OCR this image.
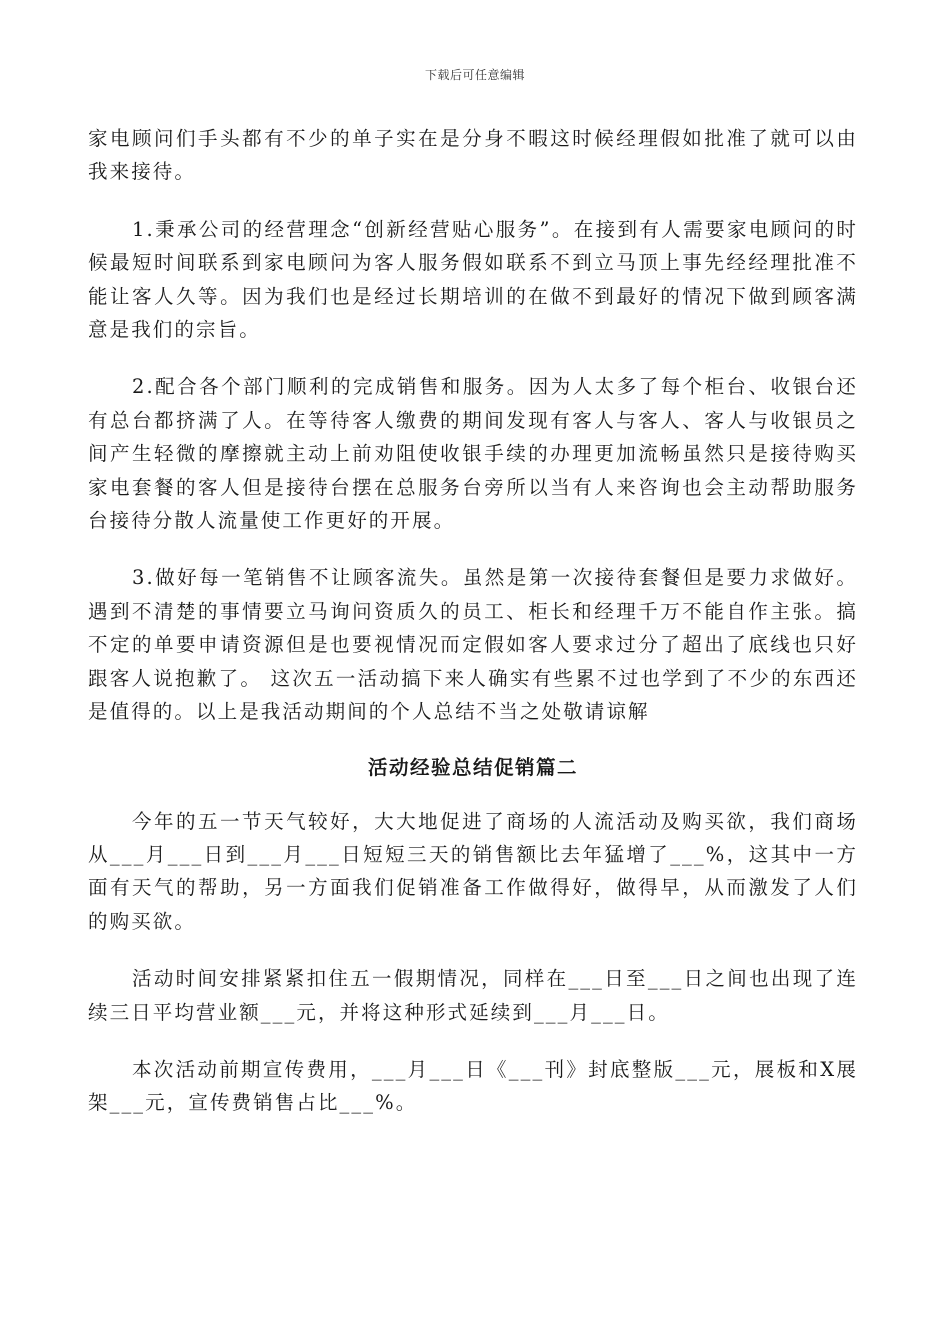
下载后可任意编辑

家电顾问们手头都有不少的单子实在是分身不暇这时候经理假如批准了就可以由我来接待。

1.秉承公司的经营理念“创新经营贴心服务”。在接到有人需要家电顾问的时候最短时间联系到家电顾问为客人服务假如联系不到立马顶上事先经经理批准不能让客人久等。因为我们也是经过长期培训的在做不到最好的情况下做到顾客满意是我们的宗旨。

2.配合各个部门顺利的完成销售和服务。因为人太多了每个柜台、收银台还有总台都挤满了人。在等待客人缴费的期间发现有客人与客人、客人与收银员之间产生轻微的摩擦就主动上前劝阻使收银手续的办理更加流畅虽然只是接待购买家电套餐的客人但是接待台摆在总服务台旁所以当有人来咨询也会主动帮助服务台接待分散人流量使工作更好的开展。

3.做好每一笔销售不让顾客流失。虽然是第一次接待套餐但是要力求做好。遇到不清楚的事情要立马询问资质久的员工、柜长和经理千万不能自作主张。搞不定的单要申请资源但是也要视情况而定假如客人要求过分了超出了底线也只好跟客人说抱歉了。 这次五一活动搞下来人确实有些累不过也学到了不少的东西还是值得的。以上是我活动期间的个人总结不当之处敬请谅解

活动经验总结促销篇二

今年的五一节天气较好，大大地促进了商场的人流活动及购买欲，我们商场从___月___日到___月___日短短三天的销售额比去年猛增了___%，这其中一方面有天气的帮助，另一方面我们促销准备工作做得好，做得早，从而激发了人们的购买欲。

活动时间安排紧紧扣住五一假期情况，同样在___日至___日之间也出现了连续三日平均营业额___元，并将这种形式延续到___月___日。

本次活动前期宣传费用，___月___日《___刊》封底整版___元，展板和X展架___元，宣传费销售占比___%。
